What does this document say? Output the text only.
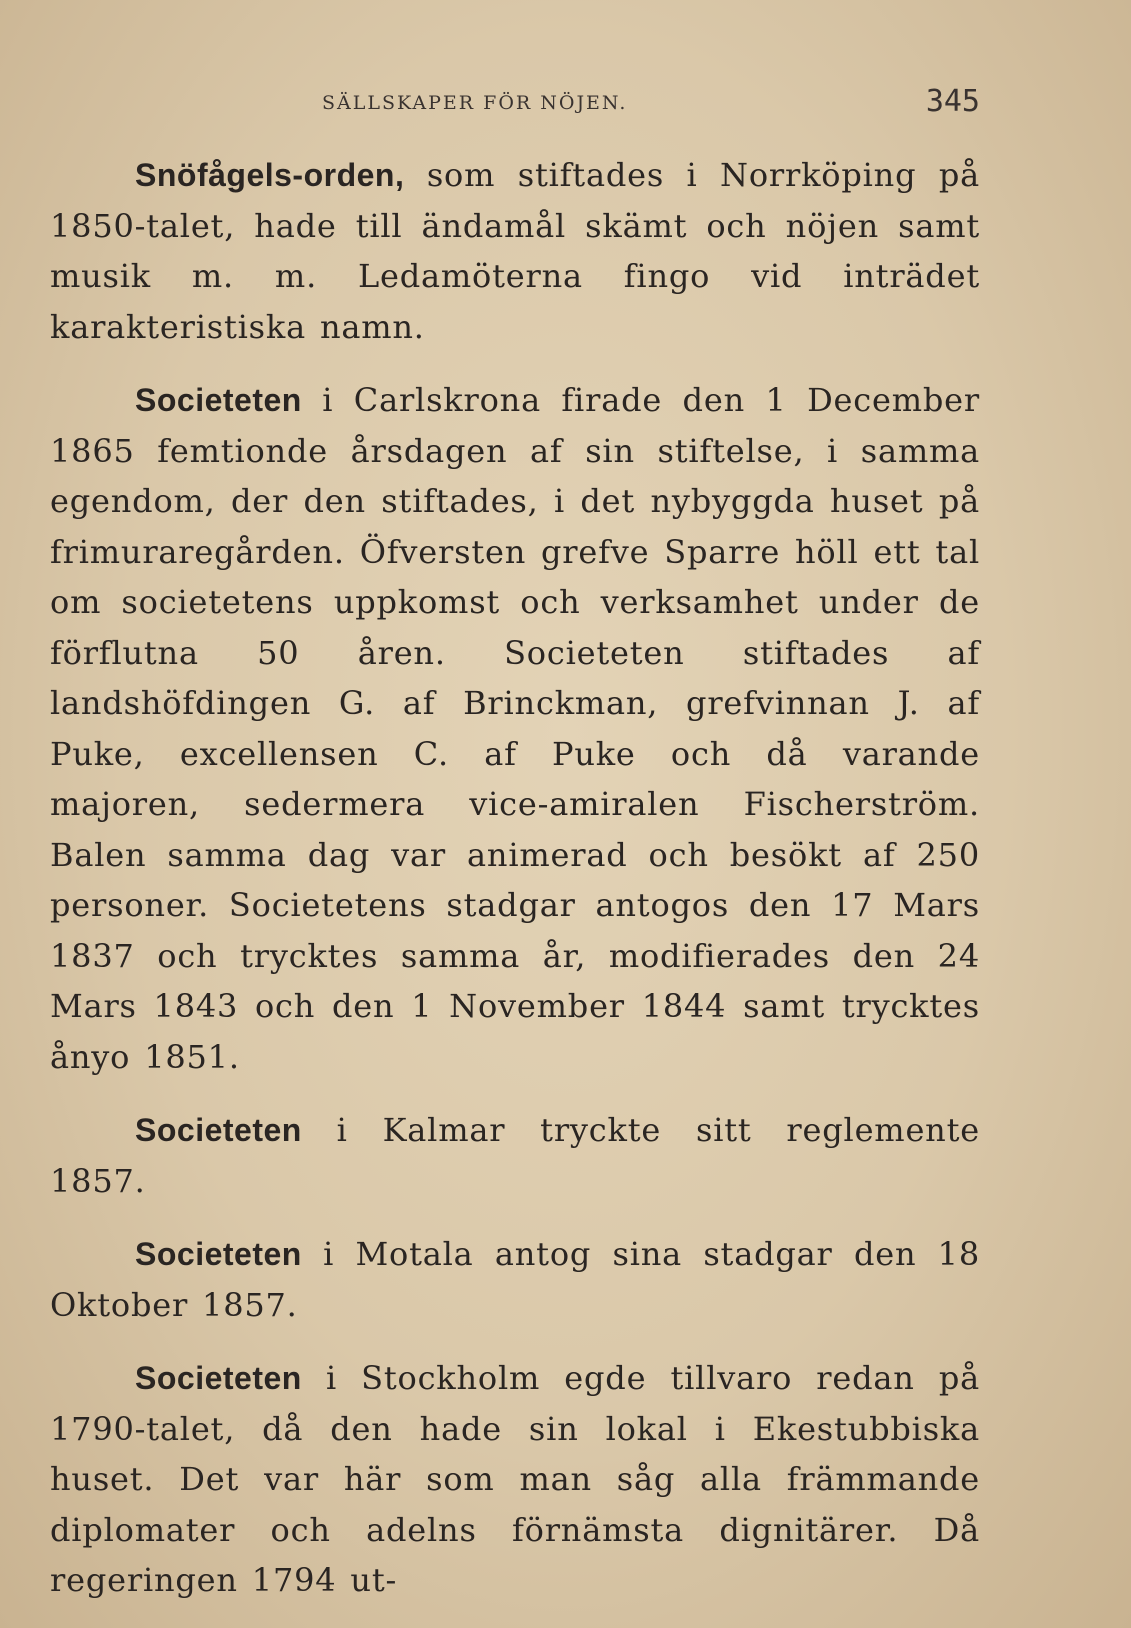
SÄLLSKAPER FÖR NÖJEN.	345

Snöfågels-orden, som stiftades i Norrköping på 1850-talet, hade till ändamål skämt och nöjen samt musik m. m. Ledamöterna fingo vid inträdet karakteristiska namn.

Societeten i Carlskrona firade den 1 December 1865 femtionde årsdagen af sin stiftelse, i samma egendom, der den stiftades, i det nybyggda huset på frimuraregården. Öfversten grefve Sparre höll ett tal om societetens uppkomst och verksamhet under de förflutna 50 åren. Societeten stiftades af landshöfdingen G. af Brinckman, grefvinnan J. af Puke, excellensen C. af Puke och då varande majoren, sedermera vice-amiralen Fischerström. Balen samma dag var animerad och besökt af 250 personer. Societetens stadgar antogos den 17 Mars 1837 och trycktes samma år, modifierades den 24 Mars 1843 och den 1 November 1844 samt trycktes ånyo 1851.

Societeten i Kalmar tryckte sitt reglemente 1857.

Societeten i Motala antog sina stadgar den 18 Oktober 1857.

Societeten i Stockholm egde tillvaro redan på 1790-talet, då den hade sin lokal i Ekestubbiska huset. Det var här som man såg alla främmande diplomater och adelns förnämsta dignitärer. Då regeringen 1794 ut-
